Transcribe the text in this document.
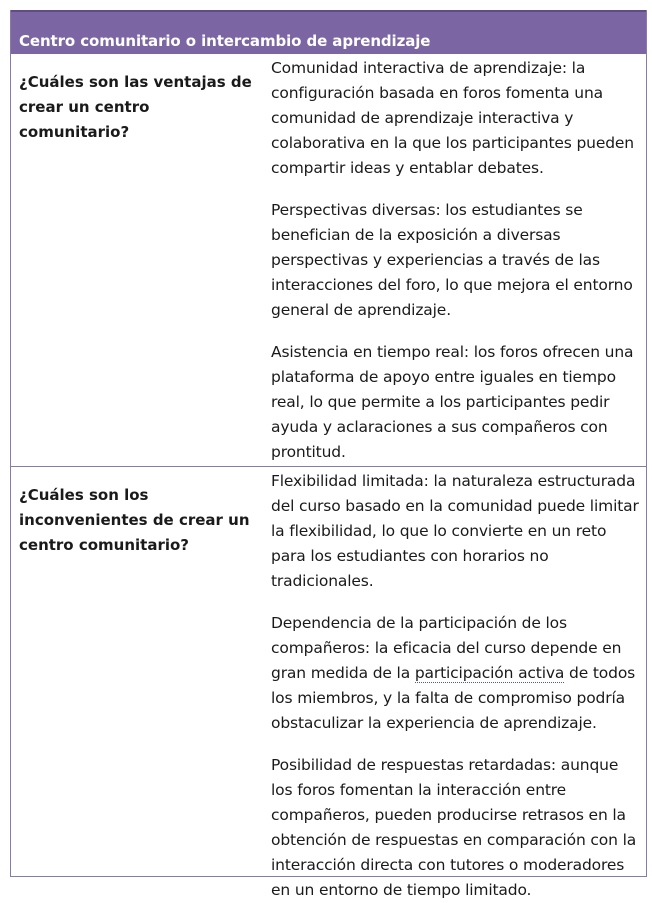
Centro comunitario o intercambio de aprendizaje
¿Cuáles son las ventajas de crear un centro comunitario?

Comunidad interactiva de aprendizaje: la configuración basada en foros fomenta una comunidad de aprendizaje interactiva y colaborativa en la que los participantes pueden compartir ideas y entablar debates.

Perspectivas diversas: los estudiantes se benefician de la exposición a diversas perspectivas y experiencias a través de las interacciones del foro, lo que mejora el entorno general de aprendizaje.

Asistencia en tiempo real: los foros ofrecen una plataforma de apoyo entre iguales en tiempo real, lo que permite a los participantes pedir ayuda y aclaraciones a sus compañeros con prontitud.

¿Cuáles son los inconvenientes de crear un centro comunitario?

Flexibilidad limitada: la naturaleza estructurada del curso basado en la comunidad puede limitar la flexibilidad, lo que lo convierte en un reto para los estudiantes con horarios no tradicionales.

Dependencia de la participación de los compañeros: la eficacia del curso depende en gran medida de la participación activa de todos los miembros, y la falta de compromiso podría obstaculizar la experiencia de aprendizaje.

Posibilidad de respuestas retardadas: aunque los foros fomentan la interacción entre compañeros, pueden producirse retrasos en la obtención de respuestas en comparación con la interacción directa con tutores o moderadores en un entorno de tiempo limitado.
